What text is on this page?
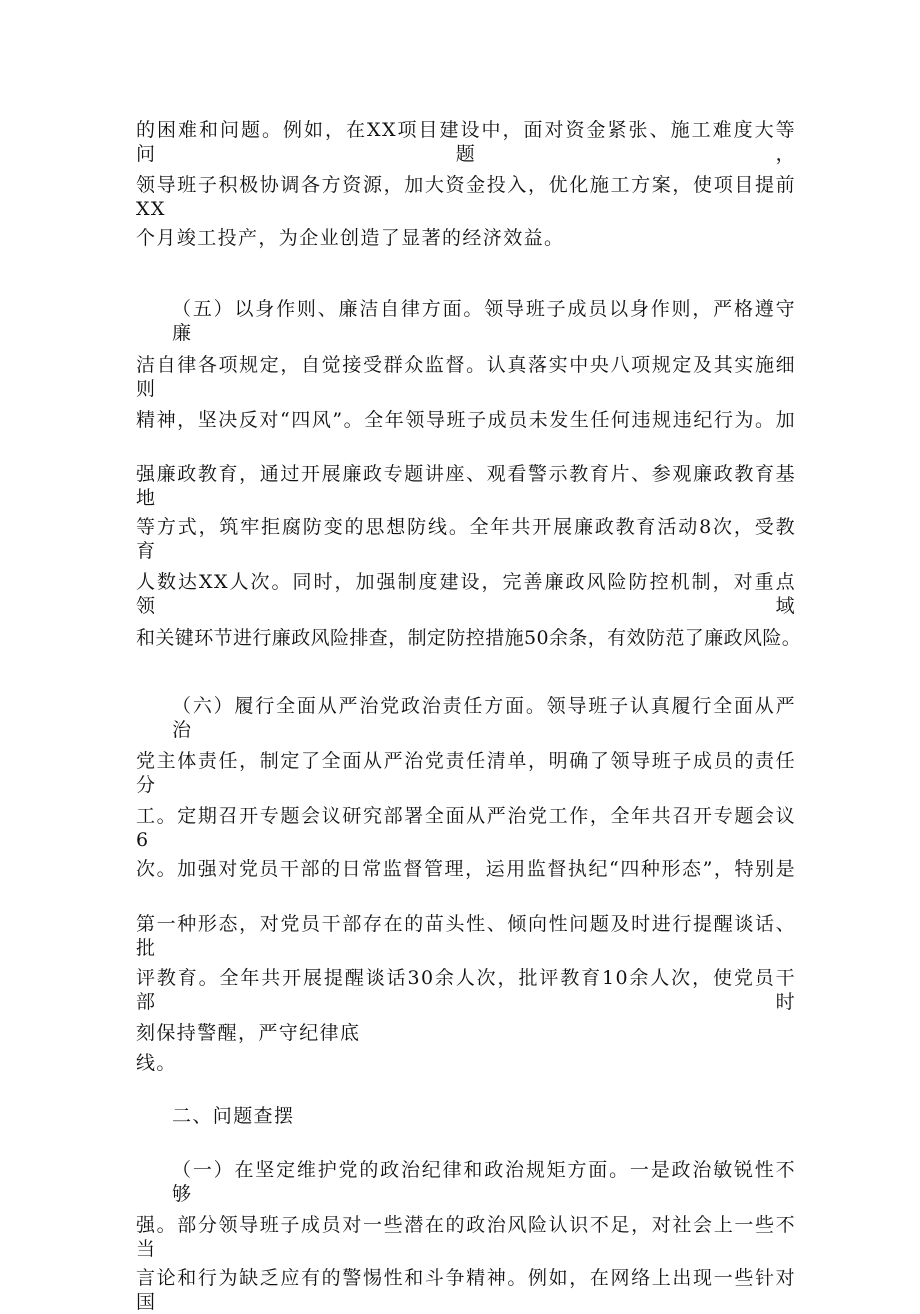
的困难和问题。例如，在XX项目建设中，面对资金紧张、施工难度大等问题，
领导班子积极协调各方资源，加大资金投入，优化施工方案，使项目提前XX
个月竣工投产，为企业创造了显著的经济效益。
（五）以身作则、廉洁自律方面。领导班子成员以身作则，严格遵守廉
洁自律各项规定，自觉接受群众监督。认真落实中央八项规定及其实施细则
精神，坚决反对“四风”。全年领导班子成员未发生任何违规违纪行为。加
强廉政教育，通过开展廉政专题讲座、观看警示教育片、参观廉政教育基地
等方式，筑牢拒腐防变的思想防线。全年共开展廉政教育活动8次，受教育
人数达XX人次。同时，加强制度建设，完善廉政风险防控机制，对重点领域
和关键环节进行廉政风险排查，制定防控措施50余条，有效防范了廉政风险。
（六）履行全面从严治党政治责任方面。领导班子认真履行全面从严治
党主体责任，制定了全面从严治党责任清单，明确了领导班子成员的责任分
工。定期召开专题会议研究部署全面从严治党工作，全年共召开专题会议6
次。加强对党员干部的日常监督管理，运用监督执纪“四种形态”，特别是
第一种形态，对党员干部存在的苗头性、倾向性问题及时进行提醒谈话、批
评教育。全年共开展提醒谈话30余人次，批评教育10余人次，使党员干部时
刻保持警醒，严守纪律底
线。
二、问题查摆
（一）在坚定维护党的政治纪律和政治规矩方面。一是政治敏锐性不够
强。部分领导班子成员对一些潜在的政治风险认识不足，对社会上一些不当
言论和行为缺乏应有的警惕性和斗争精神。例如，在网络上出现一些针对国
